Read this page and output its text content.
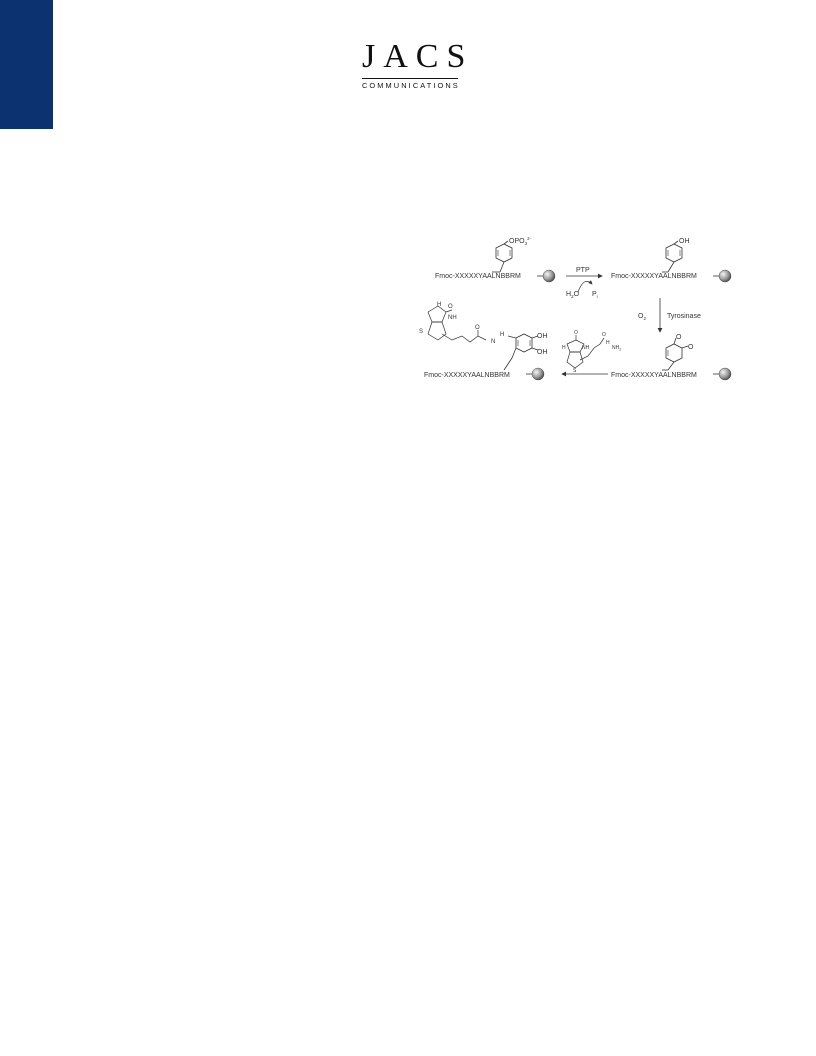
J A C S
COMMUNICATIONS
$OPO_3^{2-}$
Fmoc-XXXXXYAALNBBRM
PTP
$H_2O$ $P_i$
OH
Fmoc-XXXXXYAALNBBRM
$O_2$	Tyrosinase
O
O
Fmoc-XXXXXYAALNBBRM
O
H	NH
S
O
H
$NH_2$
O
NH
H
S
O
N
H	OH
OH
Fmoc-XXXXXYAALNBBRM
